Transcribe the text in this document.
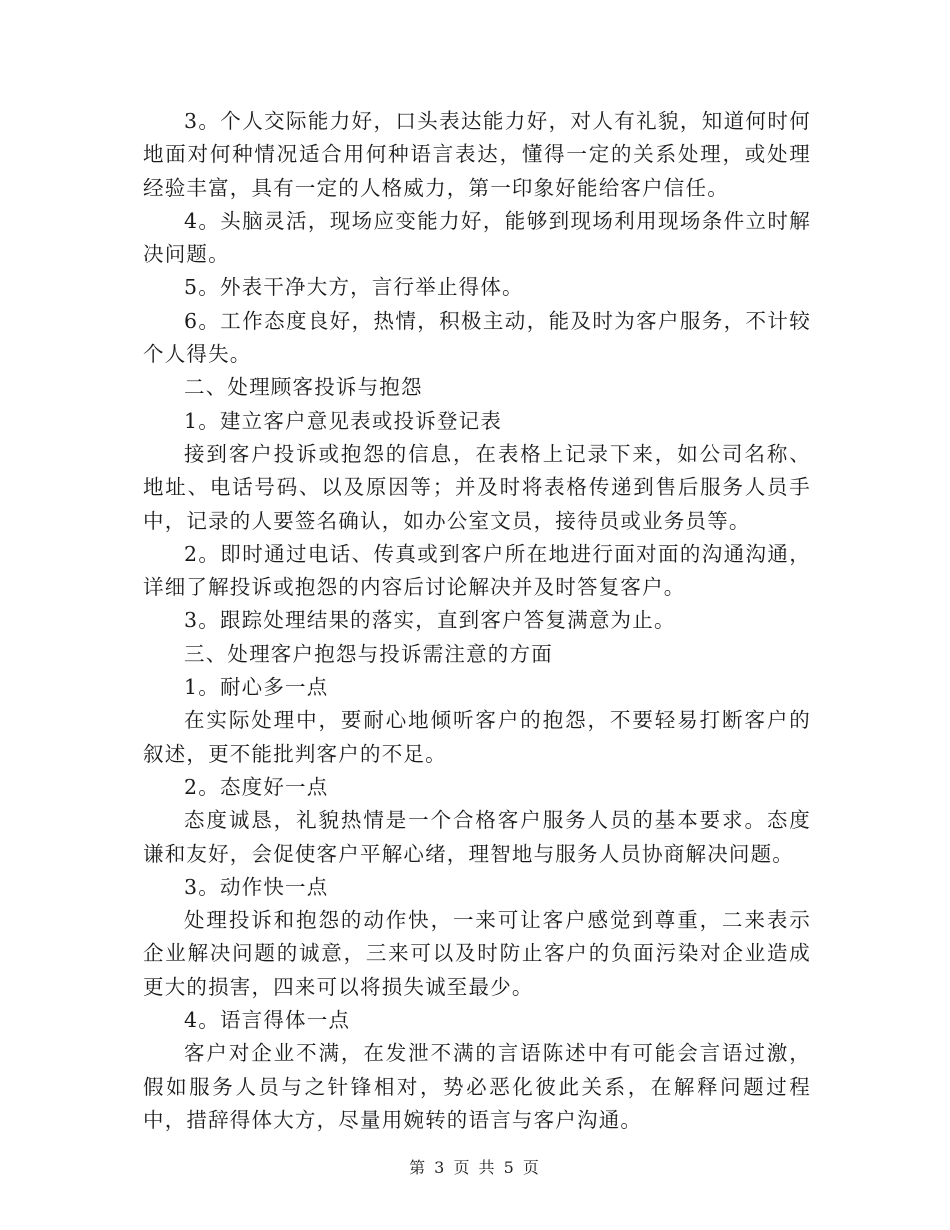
3。个人交际能力好，口头表达能力好，对人有礼貌，知道何时何地面对何种情况适合用何种语言表达，懂得一定的关系处理，或处理经验丰富，具有一定的人格威力，第一印象好能给客户信任。

4。头脑灵活，现场应变能力好，能够到现场利用现场条件立时解决问题。

5。外表干净大方，言行举止得体。

6。工作态度良好，热情，积极主动，能及时为客户服务，不计较个人得失。

二、处理顾客投诉与抱怨

1。建立客户意见表或投诉登记表

接到客户投诉或抱怨的信息，在表格上记录下来，如公司名称、地址、电话号码、以及原因等；并及时将表格传递到售后服务人员手中，记录的人要签名确认，如办公室文员，接待员或业务员等。

2。即时通过电话、传真或到客户所在地进行面对面的沟通沟通，详细了解投诉或抱怨的内容后讨论解决并及时答复客户。

3。跟踪处理结果的落实，直到客户答复满意为止。

三、处理客户抱怨与投诉需注意的方面

1。耐心多一点

在实际处理中，要耐心地倾听客户的抱怨，不要轻易打断客户的叙述，更不能批判客户的不足。

2。态度好一点

态度诚恳，礼貌热情是一个合格客户服务人员的基本要求。态度谦和友好，会促使客户平解心绪，理智地与服务人员协商解决问题。

3。动作快一点

处理投诉和抱怨的动作快，一来可让客户感觉到尊重，二来表示企业解决问题的诚意，三来可以及时防止客户的负面污染对企业造成更大的损害，四来可以将损失诚至最少。

4。语言得体一点

客户对企业不满，在发泄不满的言语陈述中有可能会言语过激，假如服务人员与之针锋相对，势必恶化彼此关系，在解释问题过程中，措辞得体大方，尽量用婉转的语言与客户沟通。

第 3 页 共 5 页
